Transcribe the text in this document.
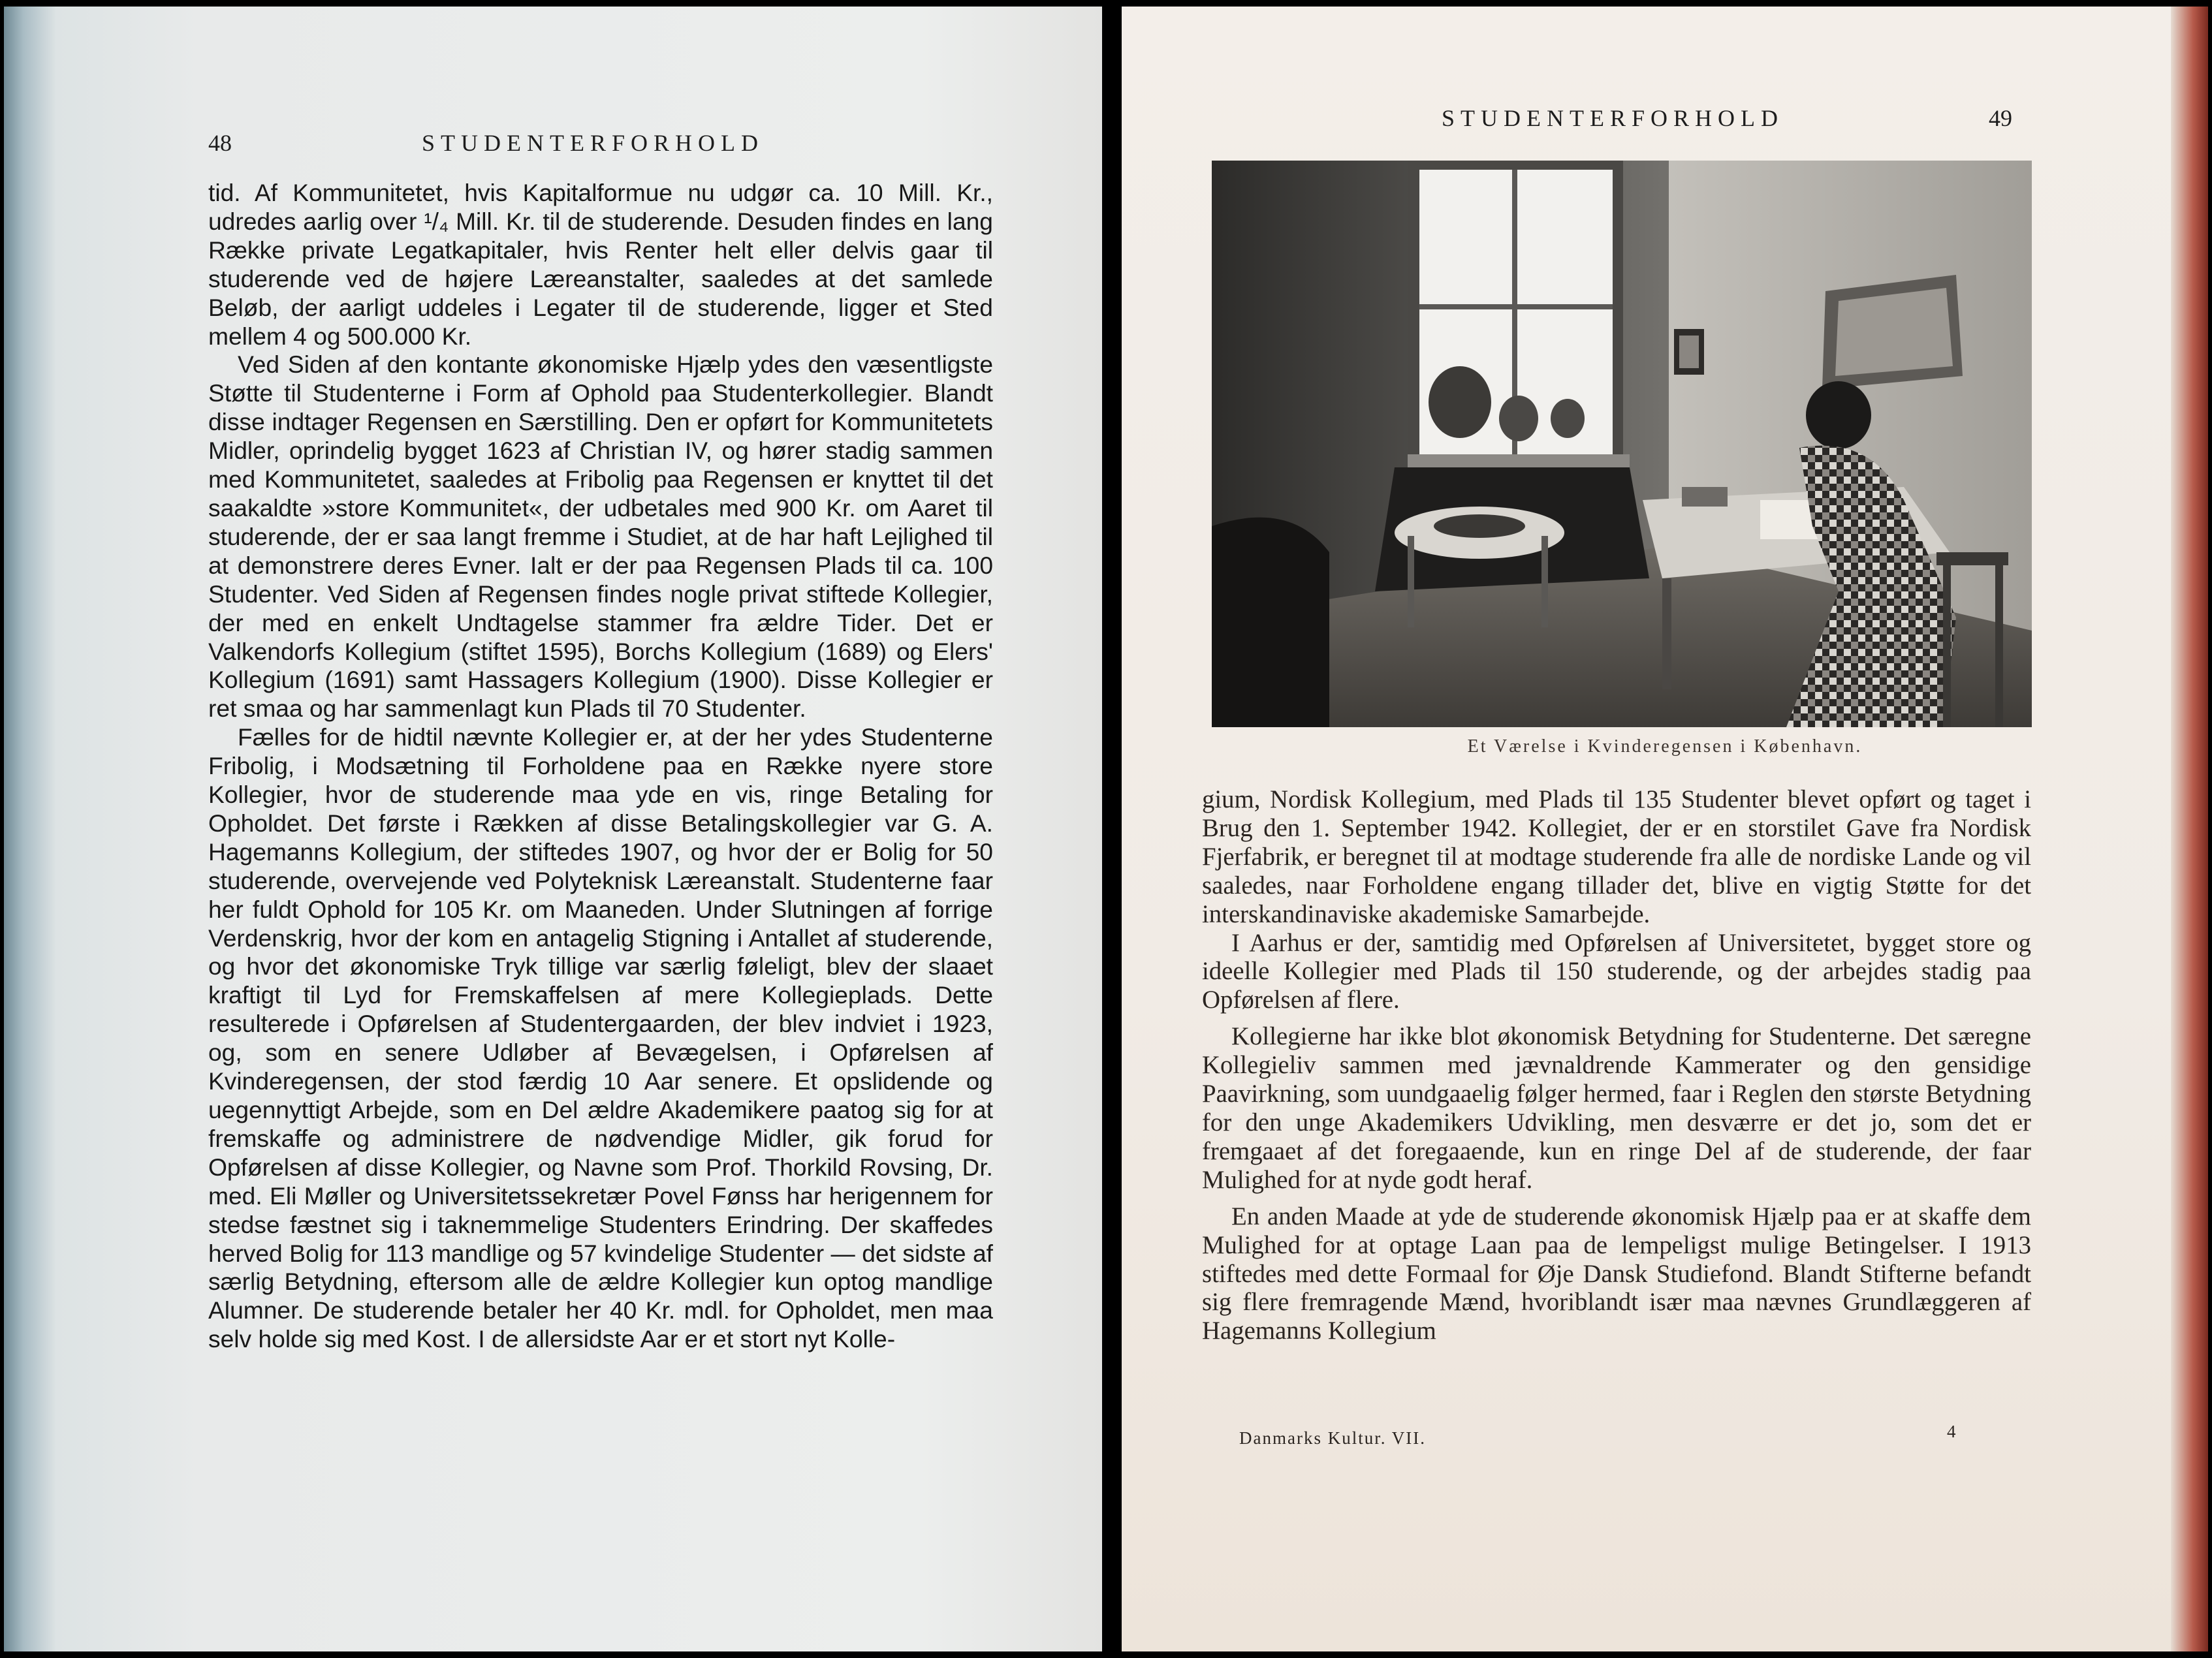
48	STUDENTERFORHOLD

tid. Af Kommunitetet, hvis Kapitalformue nu udgør ca. 10 Mill. Kr., udredes aarlig over ¹/₄ Mill. Kr. til de studerende. Desuden findes en lang Række private Legatkapitaler, hvis Renter helt eller delvis gaar til studerende ved de højere Læreanstalter, saaledes at det samlede Beløb, der aarligt uddeles i Legater til de studerende, ligger et Sted mellem 4 og 500.000 Kr.

Ved Siden af den kontante økonomiske Hjælp ydes den væsentligste Støtte til Studenterne i Form af Ophold paa Studenterkollegier. Blandt disse indtager Regensen en Særstilling. Den er opført for Kommunitetets Midler, oprindelig bygget 1623 af Christian IV, og hører stadig sammen med Kommunitetet, saaledes at Fribolig paa Regensen er knyttet til det saakaldte »store Kommunitet«, der udbetales med 900 Kr. om Aaret til studerende, der er saa langt fremme i Studiet, at de har haft Lejlighed til at demonstrere deres Evner. Ialt er der paa Regensen Plads til ca. 100 Studenter. Ved Siden af Regensen findes nogle privat stiftede Kollegier, der med en enkelt Undtagelse stammer fra ældre Tider. Det er Valkendorfs Kollegium (stiftet 1595), Borchs Kollegium (1689) og Elers' Kollegium (1691) samt Hassagers Kollegium (1900). Disse Kollegier er ret smaa og har sammenlagt kun Plads til 70 Studenter.

Fælles for de hidtil nævnte Kollegier er, at der her ydes Studenterne Fribolig, i Modsætning til Forholdene paa en Række nyere store Kollegier, hvor de studerende maa yde en vis, ringe Betaling for Opholdet. Det første i Rækken af disse Betalingskollegier var G. A. Hagemanns Kollegium, der stiftedes 1907, og hvor der er Bolig for 50 studerende, overvejende ved Polyteknisk Læreanstalt. Studenterne faar her fuldt Ophold for 105 Kr. om Maaneden. Under Slutningen af forrige Verdenskrig, hvor der kom en antagelig Stigning i Antallet af studerende, og hvor det økonomiske Tryk tillige var særlig føleligt, blev der slaaet kraftigt til Lyd for Fremskaffelsen af mere Kollegieplads. Dette resulterede i Opførelsen af Studentergaarden, der blev indviet i 1923, og, som en senere Udløber af Bevægelsen, i Opførelsen af Kvinderegensen, der stod færdig 10 Aar senere. Et opslidende og uegennyttigt Arbejde, som en Del ældre Akademikere paatog sig for at fremskaffe og administrere de nødvendige Midler, gik forud for Opførelsen af disse Kollegier, og Navne som Prof. Thorkild Rovsing, Dr. med. Eli Møller og Universitetssekretær Povel Fønss har herigennem for stedse fæstnet sig i taknemmelige Studenters Erindring. Der skaffedes herved Bolig for 113 mandlige og 57 kvindelige Studenter — det sidste af særlig Betydning, eftersom alle de ældre Kollegier kun optog mandlige Alumner. De studerende betaler her 40 Kr. mdl. for Opholdet, men maa selv holde sig med Kost. I de allersidste Aar er et stort nyt Kolle-

STUDENTERFORHOLD	49
Et Værelse i Kvinderegensen i København.

gium, Nordisk Kollegium, med Plads til 135 Studenter blevet opført og taget i Brug den 1. September 1942. Kollegiet, der er en storstilet Gave fra Nordisk Fjerfabrik, er beregnet til at modtage studerende fra alle de nordiske Lande og vil saaledes, naar Forholdene engang tillader det, blive en vigtig Støtte for det interskandinaviske akademiske Samarbejde.

I Aarhus er der, samtidig med Opførelsen af Universitetet, bygget store og ideelle Kollegier med Plads til 150 studerende, og der arbejdes stadig paa Opførelsen af flere.

Kollegierne har ikke blot økonomisk Betydning for Studenterne. Det særegne Kollegieliv sammen med jævnaldrende Kammerater og den gensidige Paavirkning, som uundgaaelig følger hermed, faar i Reglen den største Betydning for den unge Akademikers Udvikling, men desværre er det jo, som det er fremgaaet af det foregaaende, kun en ringe Del af de studerende, der faar Mulighed for at nyde godt heraf.

En anden Maade at yde de studerende økonomisk Hjælp paa er at skaffe dem Mulighed for at optage Laan paa de lempeligst mulige Betingelser. I 1913 stiftedes med dette Formaal for Øje Dansk Studiefond. Blandt Stifterne befandt sig flere fremragende Mænd, hvoriblandt især maa nævnes Grundlæggeren af Hagemanns Kollegium

Danmarks Kultur. VII.	4
